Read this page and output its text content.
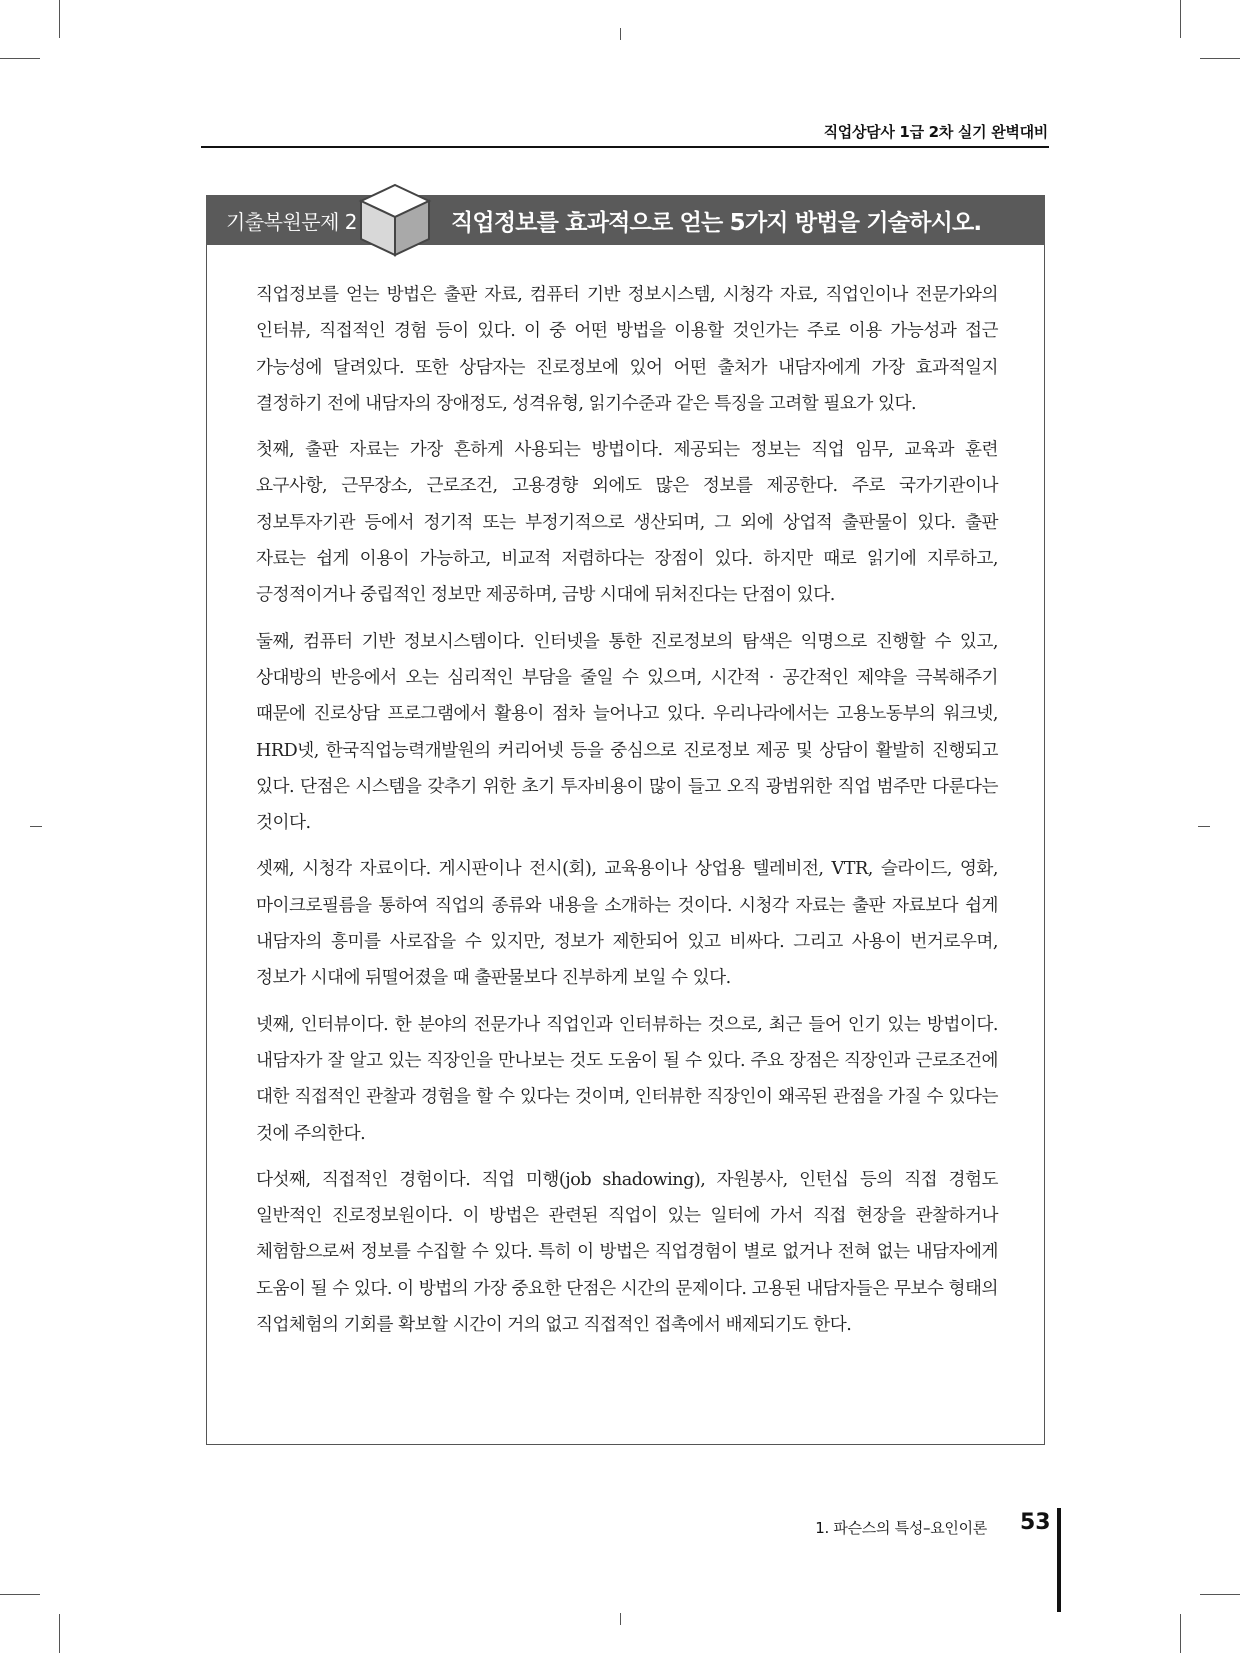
직업상담사 1급 2차 실기 완벽대비
기출복원문제 2	직업정보를 효과적으로 얻는 5가지 방법을 기술하시오.

직업정보를 얻는 방법은 출판 자료, 컴퓨터 기반 정보시스템, 시청각 자료, 직업인이나 전문가와의 인터뷰, 직접적인 경험 등이 있다. 이 중 어떤 방법을 이용할 것인가는 주로 이용 가능성과 접근 가능성에 달려있다. 또한 상담자는 진로정보에 있어 어떤 출처가 내담자에게 가장 효과적일지 결정하기 전에 내담자의 장애정도, 성격유형, 읽기수준과 같은 특징을 고려할 필요가 있다.

첫째, 출판 자료는 가장 흔하게 사용되는 방법이다. 제공되는 정보는 직업 임무, 교육과 훈련 요구사항, 근무장소, 근로조건, 고용경향 외에도 많은 정보를 제공한다. 주로 국가기관이나 정보투자기관 등에서 정기적 또는 부정기적으로 생산되며, 그 외에 상업적 출판물이 있다. 출판 자료는 쉽게 이용이 가능하고, 비교적 저렴하다는 장점이 있다. 하지만 때로 읽기에 지루하고, 긍정적이거나 중립적인 정보만 제공하며, 금방 시대에 뒤처진다는 단점이 있다.

둘째, 컴퓨터 기반 정보시스템이다. 인터넷을 통한 진로정보의 탐색은 익명으로 진행할 수 있고, 상대방의 반응에서 오는 심리적인 부담을 줄일 수 있으며, 시간적 · 공간적인 제약을 극복해주기 때문에 진로상담 프로그램에서 활용이 점차 늘어나고 있다. 우리나라에서는 고용노동부의 워크넷, HRD넷, 한국직업능력개발원의 커리어넷 등을 중심으로 진로정보 제공 및 상담이 활발히 진행되고 있다. 단점은 시스템을 갖추기 위한 초기 투자비용이 많이 들고 오직 광범위한 직업 범주만 다룬다는 것이다.

셋째, 시청각 자료이다. 게시판이나 전시(회), 교육용이나 상업용 텔레비전, VTR, 슬라이드, 영화, 마이크로필름을 통하여 직업의 종류와 내용을 소개하는 것이다. 시청각 자료는 출판 자료보다 쉽게 내담자의 흥미를 사로잡을 수 있지만, 정보가 제한되어 있고 비싸다. 그리고 사용이 번거로우며, 정보가 시대에 뒤떨어졌을 때 출판물보다 진부하게 보일 수 있다.

넷째, 인터뷰이다. 한 분야의 전문가나 직업인과 인터뷰하는 것으로, 최근 들어 인기 있는 방법이다. 내담자가 잘 알고 있는 직장인을 만나보는 것도 도움이 될 수 있다. 주요 장점은 직장인과 근로조건에 대한 직접적인 관찰과 경험을 할 수 있다는 것이며, 인터뷰한 직장인이 왜곡된 관점을 가질 수 있다는 것에 주의한다.

다섯째, 직접적인 경험이다. 직업 미행(job shadowing), 자원봉사, 인턴십 등의 직접 경험도 일반적인 진로정보원이다. 이 방법은 관련된 직업이 있는 일터에 가서 직접 현장을 관찰하거나 체험함으로써 정보를 수집할 수 있다. 특히 이 방법은 직업경험이 별로 없거나 전혀 없는 내담자에게 도움이 될 수 있다. 이 방법의 가장 중요한 단점은 시간의 문제이다. 고용된 내담자들은 무보수 형태의 직업체험의 기회를 확보할 시간이 거의 없고 직접적인 접촉에서 배제되기도 한다.

1. 파슨스의 특성–요인이론 53
